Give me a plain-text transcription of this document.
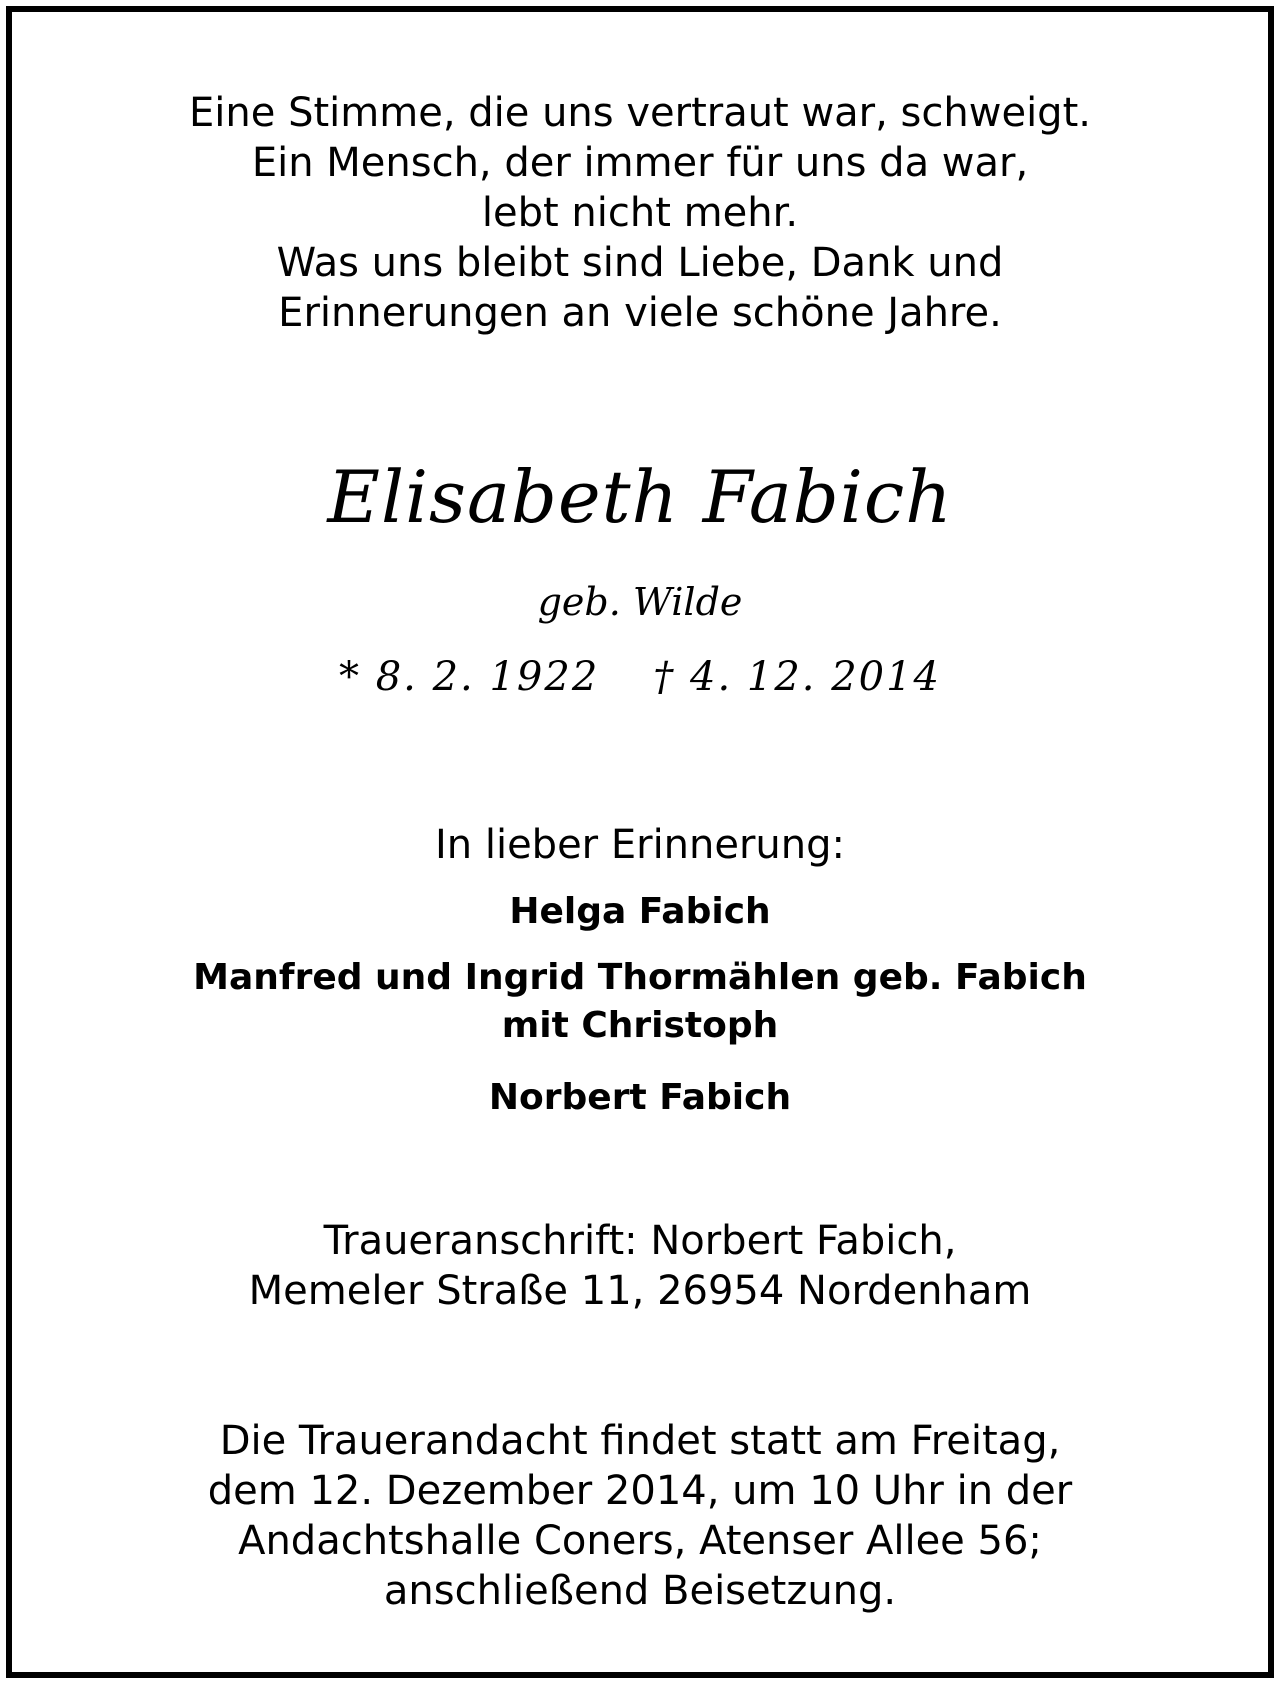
Eine Stimme, die uns vertraut war, schweigt.
Ein Mensch, der immer für uns da war,
lebt nicht mehr.
Was uns bleibt sind Liebe, Dank und
Erinnerungen an viele schöne Jahre.
Elisabeth Fabich
geb. Wilde
* 8. 2. 1922 † 4. 12. 2014
In lieber Erinnerung:
Helga Fabich
Manfred und Ingrid Thormählen geb. Fabich
mit Christoph
Norbert Fabich
Traueranschrift: Norbert Fabich,
Memeler Straße 11, 26954 Nordenham
Die Trauerandacht findet statt am Freitag,
dem 12. Dezember 2014, um 10 Uhr in der
Andachtshalle Coners, Atenser Allee 56;
anschließend Beisetzung.
